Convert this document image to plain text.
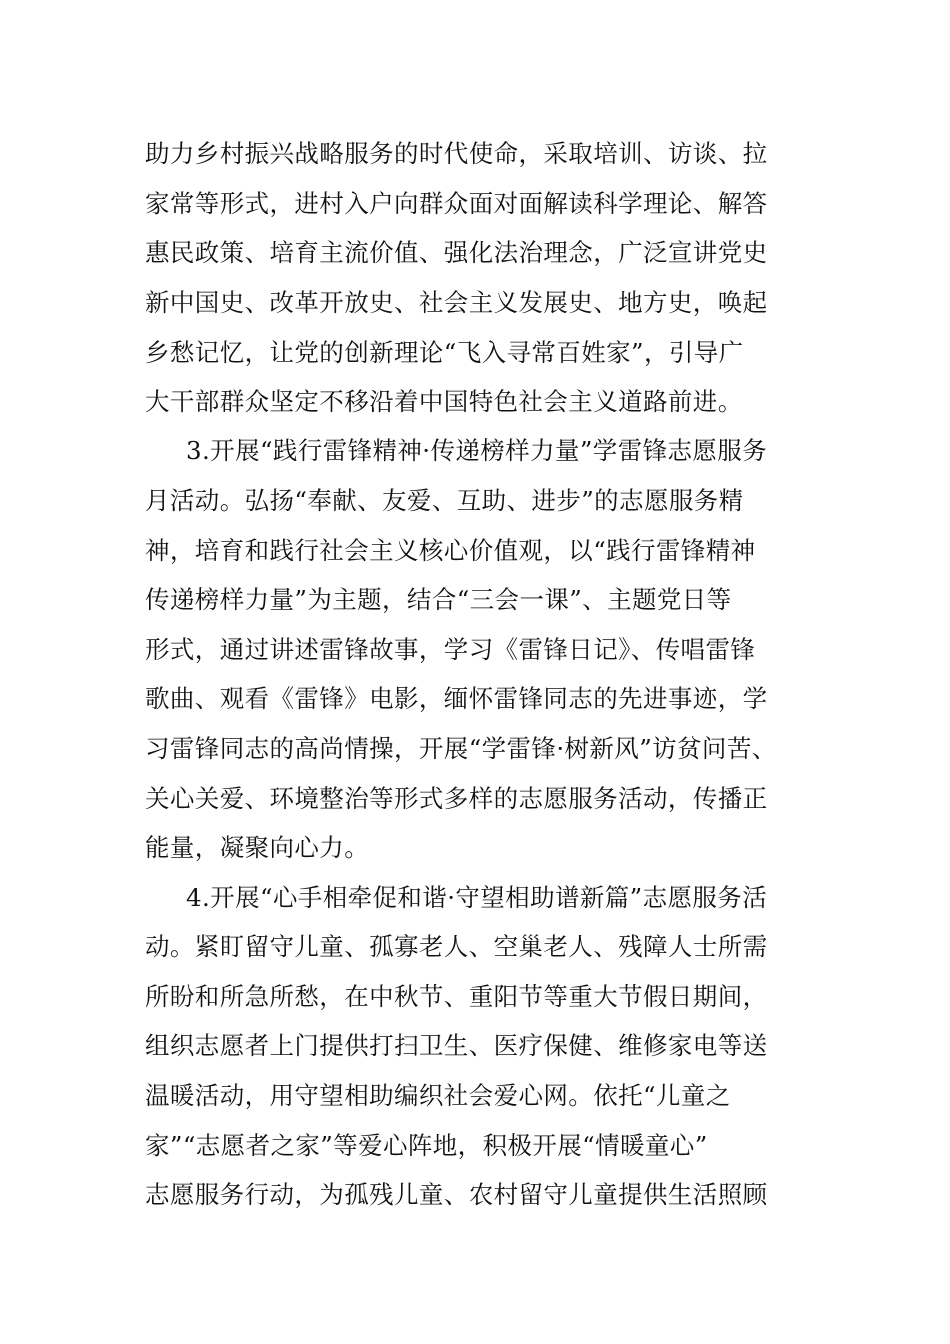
助力乡村振兴战略服务的时代使命，采取培训、访谈、拉

家常等形式，进村入户向群众面对面解读科学理论、解答

惠民政策、培育主流价值、强化法治理念，广泛宣讲党史

新中国史、改革开放史、社会主义发展史、地方史，唤起

乡愁记忆，让党的创新理论“飞入寻常百姓家”，引导广

大干部群众坚定不移沿着中国特色社会主义道路前进。

3.开展“践行雷锋精神·传递榜样力量”学雷锋志愿服务

月活动。弘扬“奉献、友爱、互助、进步”的志愿服务精

神，培育和践行社会主义核心价值观，以“践行雷锋精神

传递榜样力量”为主题，结合“三会一课”、主题党日等

形式，通过讲述雷锋故事，学习《雷锋日记》、传唱雷锋

歌曲、观看《雷锋》电影，缅怀雷锋同志的先进事迹，学

习雷锋同志的高尚情操，开展“学雷锋·树新风”访贫问苦、

关心关爱、环境整治等形式多样的志愿服务活动，传播正

能量，凝聚向心力。

4.开展“心手相牵促和谐·守望相助谱新篇”志愿服务活

动。紧盯留守儿童、孤寡老人、空巢老人、残障人士所需

所盼和所急所愁，在中秋节、重阳节等重大节假日期间，

组织志愿者上门提供打扫卫生、医疗保健、维修家电等送

温暖活动，用守望相助编织社会爱心网。依托“儿童之

家”“志愿者之家”等爱心阵地，积极开展“情暖童心”

志愿服务行动，为孤残儿童、农村留守儿童提供生活照顾
